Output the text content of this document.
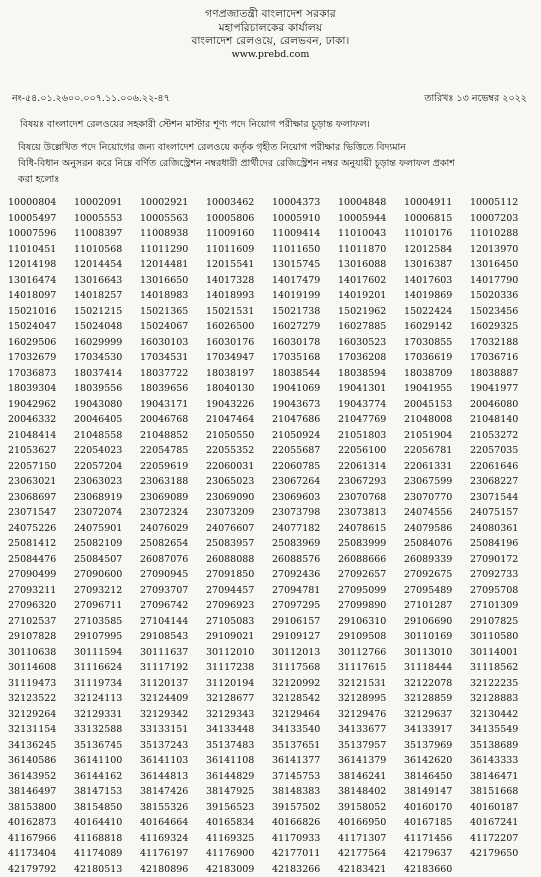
গণপ্রজাতন্ত্রী বাংলাদেশ সরকার
মহাপরিচালকের কার্যালয়
বাংলাদেশ রেলওয়ে, রেলভবন, ঢাকা।
www.prebd.com
নং-৫৪.০১.২৬০০.০০৭.১১.০০৬.২২-৪৭	তারিখঃ ১৩ নভেম্বর ২০২২
বিষয়ঃ বাংলাদেশ রেলওয়ের সহকারী স্টেশন মাস্টার শূণ্য পদে নিয়োগ পরীক্ষার চূড়ান্ত ফলাফল।
বিষয়ে উল্লেখিত পদে নিয়োগের জন্য বাংলাদেশ রেলওয়ে কর্তৃক গৃহীত নিয়োগ পরীক্ষার ভিত্তিতে বিদ্যমান
বিধি-বিধান অনুসরন করে নিম্নে বর্ণিত রেজিস্ট্রেশন নম্বরধারী প্রার্থীদের রেজিস্ট্রেশন নম্বর অনুযায়ী চূড়ান্ত ফলাফল প্রকাশ
করা হলোঃ
10000804	10002091	10002921	10003462	10004373	10004848	10004911	10005112
10005497	10005553	10005563	10005806	10005910	10005944	10006815	10007203
10007596	11008397	11008938	11009160	11009414	11010043	11010176	11010288
11010451	11010568	11011290	11011609	11011650	11011870	12012584	12013970
12014198	12014454	12014481	12015541	13015745	13016088	13016387	13016450
13016474	13016643	13016650	14017328	14017479	14017602	14017603	14017790
14018097	14018257	14018983	14018993	14019199	14019201	14019869	15020336
15021016	15021215	15021365	15021531	15021738	15021962	15022424	15023456
15024047	15024048	15024067	16026500	16027279	16027885	16029142	16029325
16029506	16029999	16030103	16030176	16030178	16030523	17030855	17032188
17032679	17034530	17034531	17034947	17035168	17036208	17036619	17036716
17036873	18037414	18037722	18038197	18038544	18038594	18038709	18038887
18039304	18039556	18039656	18040130	19041069	19041301	19041955	19041977
19042962	19043080	19043171	19043226	19043673	19043774	20045153	20046080
20046332	20046405	20046768	21047464	21047686	21047769	21048008	21048140
21048414	21048558	21048852	21050550	21050924	21051803	21051904	21053272
21053627	22054023	22054785	22055352	22055687	22056100	22056781	22057035
22057150	22057204	22059619	22060031	22060785	22061314	22061331	22061646
23063021	23063023	23063188	23065023	23067264	23067293	23067599	23068227
23068697	23068919	23069089	23069090	23069603	23070768	23070770	23071544
23071547	23072074	23072324	23073209	23073798	23073813	24074556	24075157
24075226	24075901	24076029	24076607	24077182	24078615	24079586	24080361
25081412	25082109	25082654	25083957	25083969	25083999	25084076	25084196
25084476	25084507	26087076	26088088	26088576	26088666	26089339	27090172
27090499	27090600	27090945	27091850	27092436	27092657	27092675	27092733
27093211	27093212	27093707	27094457	27094781	27095099	27095489	27095708
27096320	27096711	27096742	27096923	27097295	27099890	27101287	27101309
27102537	27103585	27104144	27105083	29106157	29106310	29106690	29107825
29107828	29107995	29108543	29109021	29109127	29109508	30110169	30110580
30110638	30111594	30111637	30112010	30112013	30112766	30113010	30114001
30114608	31116624	31117192	31117238	31117568	31117615	31118444	31118562
31119473	31119734	31120137	31120194	32120992	32121531	32122078	32122235
32123522	32124113	32124409	32128677	32128542	32128995	32128859	32128883
32129264	32129331	32129342	32129343	32129464	32129476	32129637	32130442
32131154	33132588	33133151	34133448	34133540	34133677	34133917	34135549
34136245	35136745	35137243	35137483	35137651	35137957	35137969	35138689
36140586	36141100	36141103	36141108	36141377	36141379	36142620	36143333
36143952	36144162	36144813	36144829	37145753	38146241	38146450	38146471
38146497	38147153	38147426	38147925	38148383	38148402	38149147	38151668
38153800	38154850	38155326	39156523	39157502	39158052	40160170	40160187
40162873	40164410	40164664	40165834	40166826	40166950	40167185	40167241
41167966	41168818	41169324	41169325	41170933	41171307	41171456	41172207
41173404	41174089	41176197	41176900	42177011	42177564	42179637	42179650
42179792	42180513	42180896	42183009	42183266	42183421	42183660
